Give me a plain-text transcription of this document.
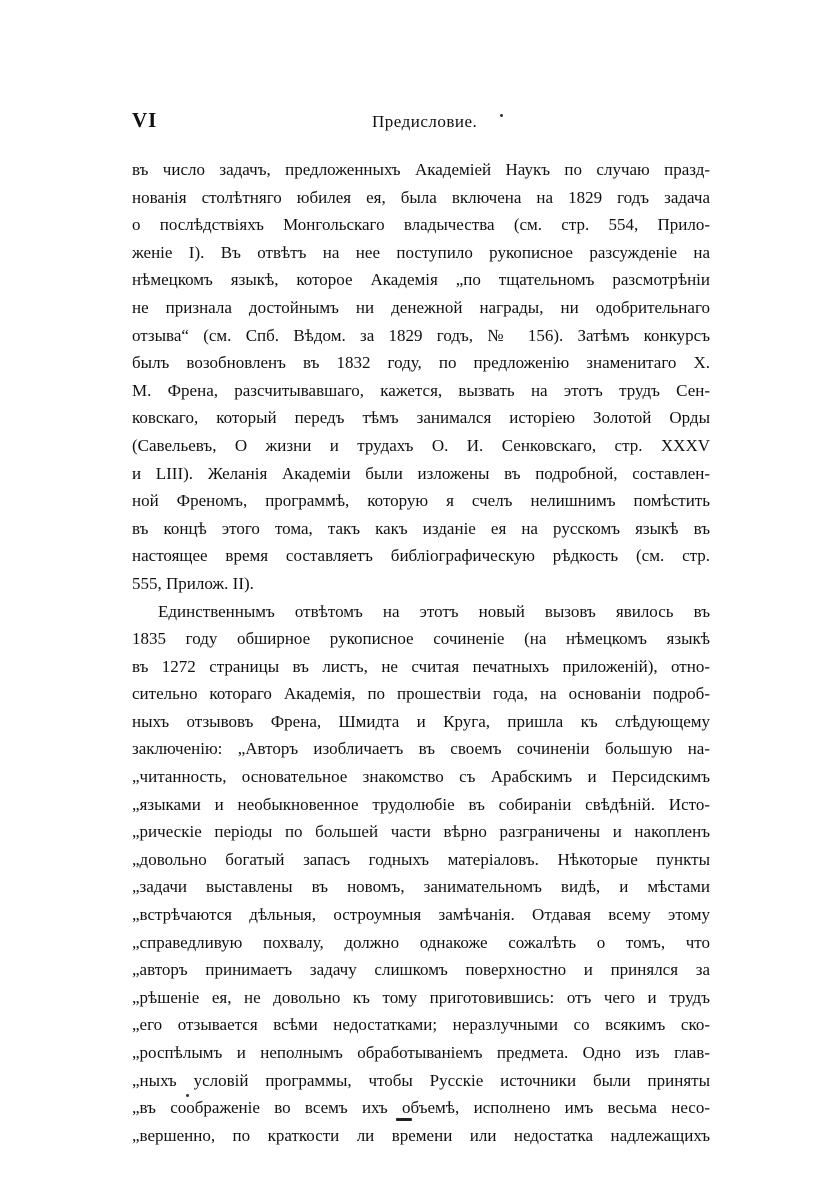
VI	Предисловие.
въ число задачъ, предложенныхъ Академіей Наукъ по случаю празд-
нованія столѣтняго юбилея ея, была включена на 1829 годъ задача
о послѣдствіяхъ Монгольскаго владычества (см. стр. 554, Прило-
женіе I). Въ отвѣтъ на нее поступило рукописное разсужденіе на
нѣмецкомъ языкѣ, которое Академія „по тщательномъ разсмотрѣніи
не признала достойнымъ ни денежной награды, ни одобрительнаго
отзыва“ (см. Спб. Вѣдом. за 1829 годъ, № 156). Затѣмъ конкурсъ
былъ возобновленъ въ 1832 году, по предложенію знаменитаго Х.
М. Френа, разсчитывавшаго, кажется, вызвать на этотъ трудъ Сен-
ковскаго, который передъ тѣмъ занимался исторіею Золотой Орды
(Савельевъ, О жизни и трудахъ О. И. Сенковскаго, стр. XXXV
и LIII). Желанія Академіи были изложены въ подробной, составлен-
ной Френомъ, программѣ, которую я счелъ нелишнимъ помѣстить
въ концѣ этого тома, такъ какъ изданіе ея на русскомъ языкѣ въ
настоящее время составляетъ библіографическую рѣдкость (см. стр.
555, Прилож. II).
Единственнымъ отвѣтомъ на этотъ новый вызовъ явилось въ
1835 году обширное рукописное сочиненіе (на нѣмецкомъ языкѣ
въ 1272 страницы въ листъ, не считая печатныхъ приложеній), отно-
сительно котораго Академія, по прошествіи года, на основаніи подроб-
ныхъ отзывовъ Френа, Шмидта и Круга, пришла къ слѣдующему
заключенію: „Авторъ изобличаетъ въ своемъ сочиненіи большую на-
„читанность, основательное знакомство съ Арабскимъ и Персидскимъ
„языками и необыкновенное трудолюбіе въ собираніи свѣдѣній. Исто-
„рическіе періоды по большей части вѣрно разграничены и накопленъ
„довольно богатый запасъ годныхъ матеріаловъ. Нѣкоторые пункты
„задачи выставлены въ новомъ, занимательномъ видѣ, и мѣстами
„встрѣчаются дѣльныя, остроумныя замѣчанія. Отдавая всему этому
„справедливую похвалу, должно однакоже сожалѣть о томъ, что
„авторъ принимаетъ задачу слишкомъ поверхностно и принялся за
„рѣшеніе ея, не довольно къ тому приготовившись: отъ чего и трудъ
„его отзывается всѣми недостатками; неразлучными со всякимъ ско-
„роспѣлымъ и неполнымъ обработываніемъ предмета. Одно изъ глав-
„ныхъ условій программы, чтобы Русскіе источники были приняты
„въ соображеніе во всемъ ихъ объемѣ, исполнено имъ весьма несо-
„вершенно, по краткости ли времени или недостатка надлежащихъ
